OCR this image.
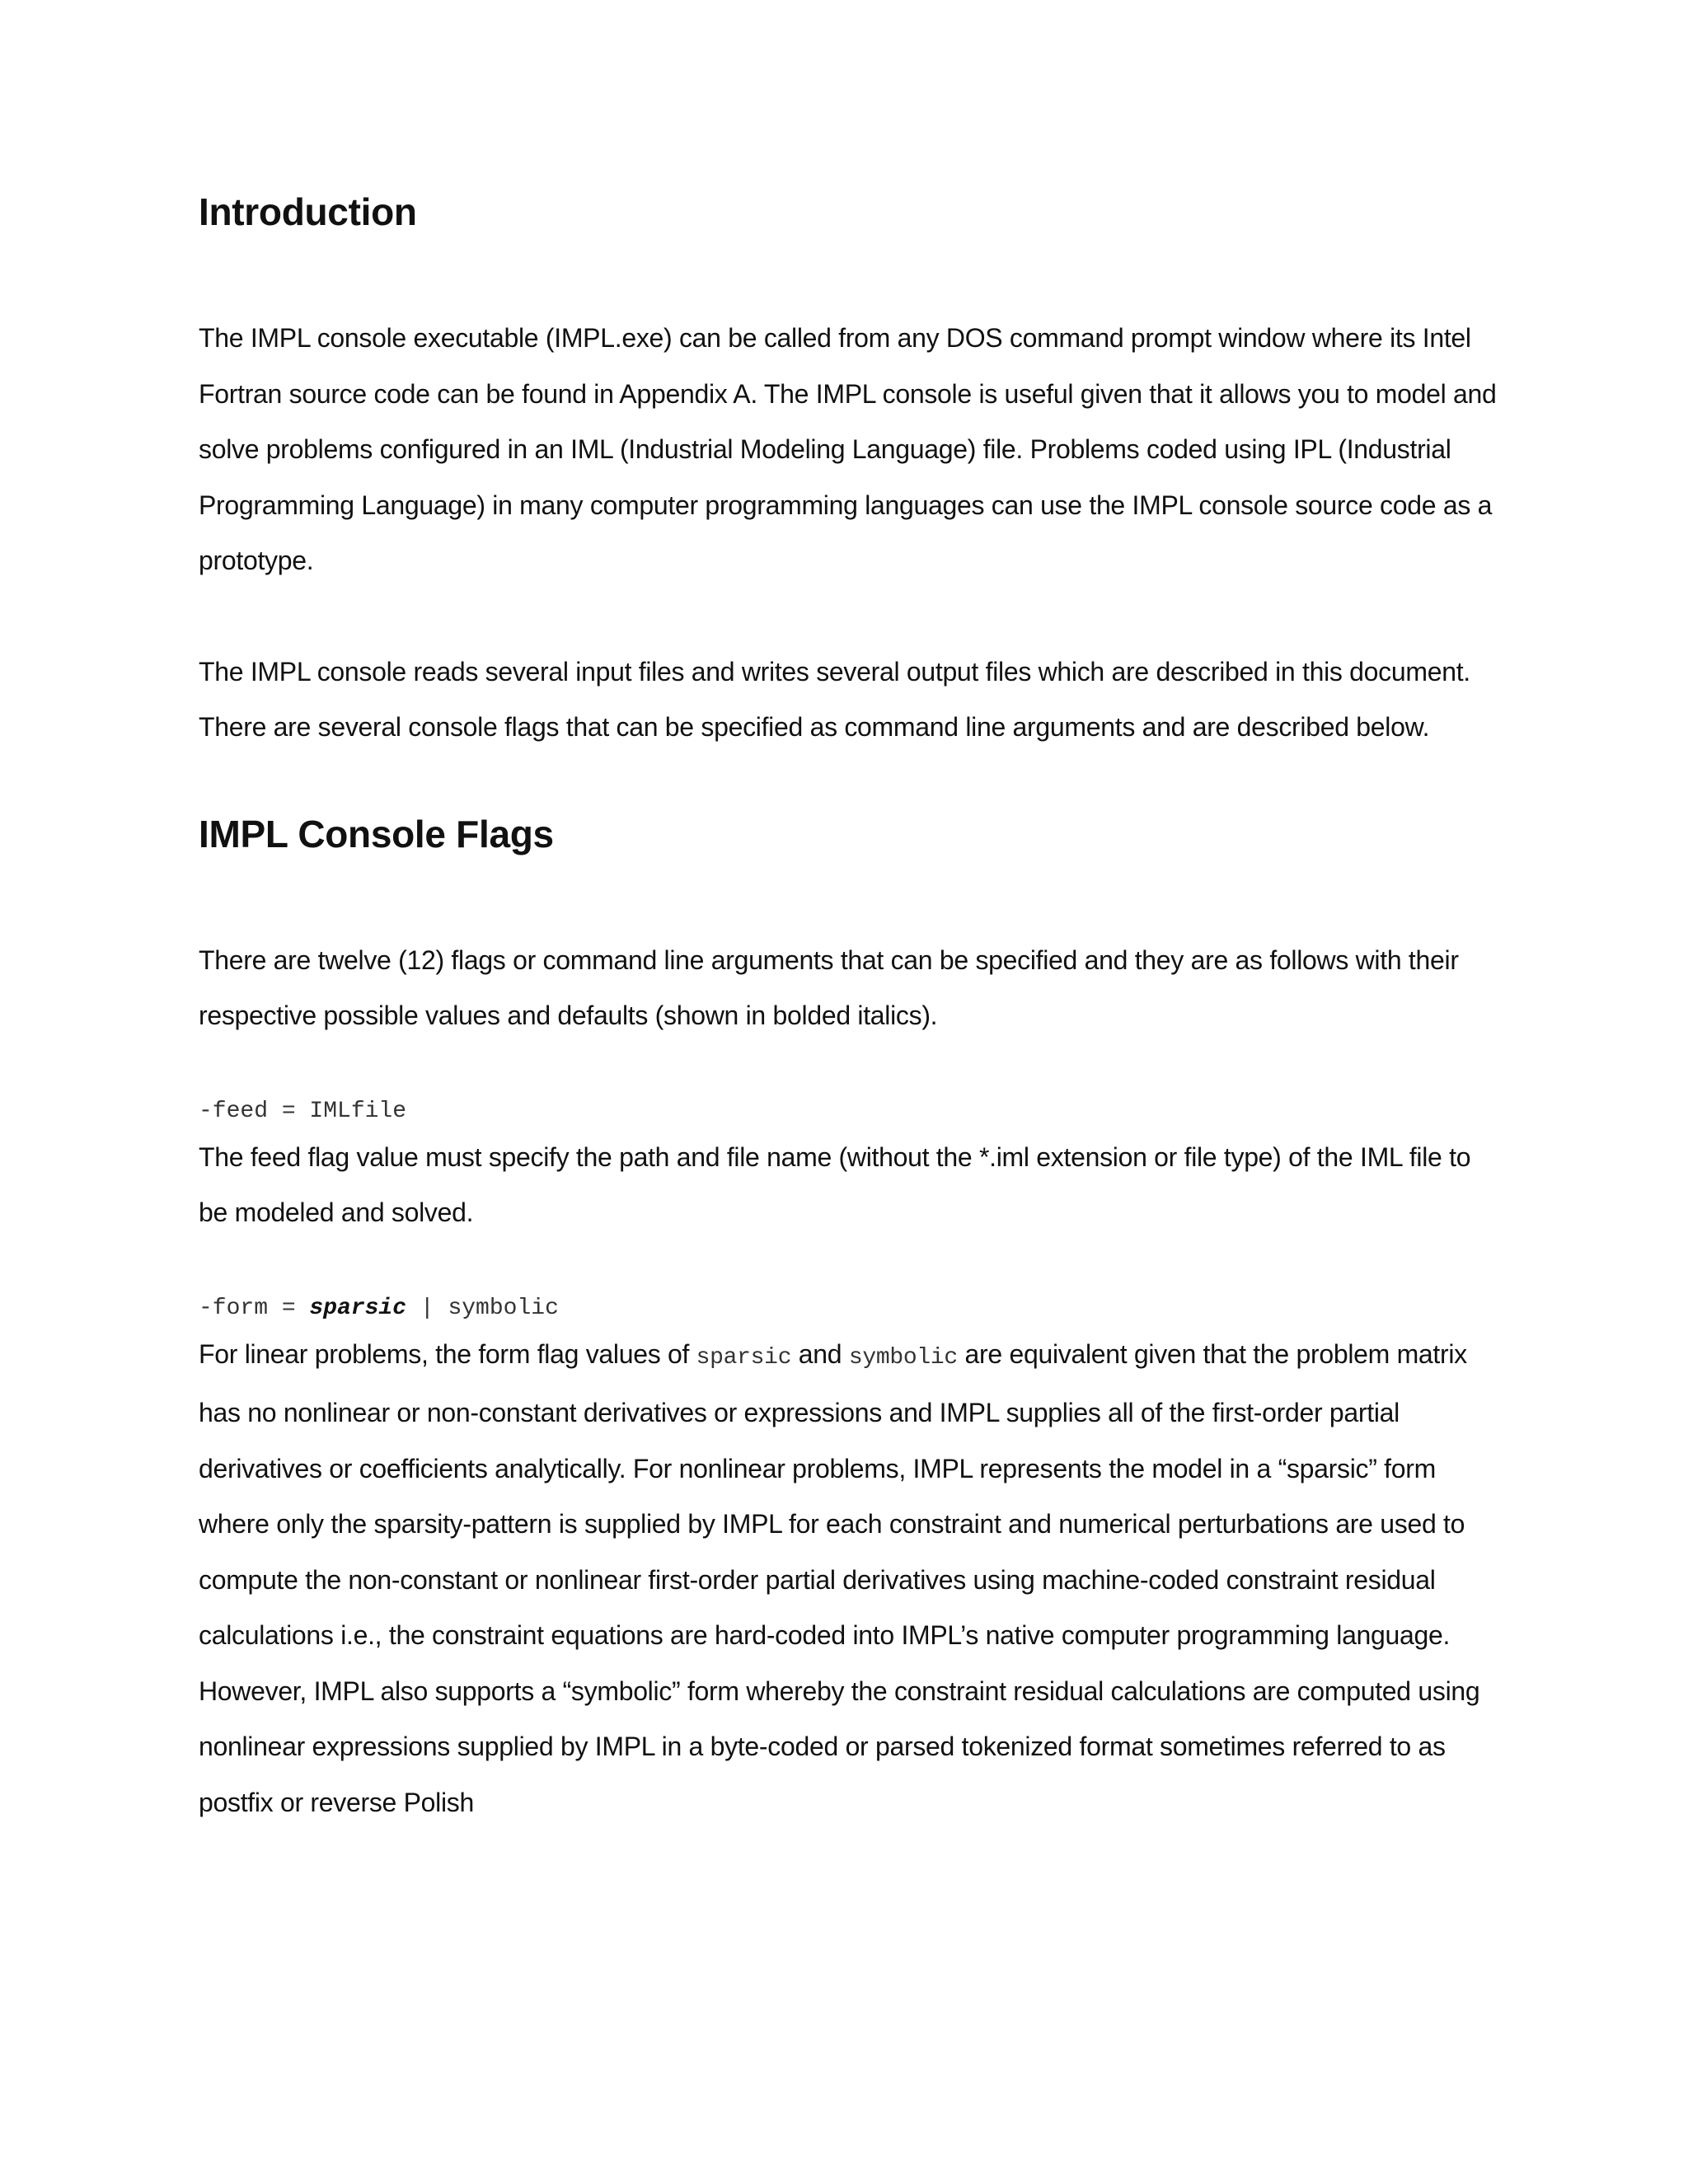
Introduction

The IMPL console executable (IMPL.exe) can be called from any DOS command prompt window where its Intel Fortran source code can be found in Appendix A. The IMPL console is useful given that it allows you to model and solve problems configured in an IML (Industrial Modeling Language) file. Problems coded using IPL (Industrial Programming Language) in many computer programming languages can use the IMPL console source code as a prototype.

The IMPL console reads several input files and writes several output files which are described in this document. There are several console flags that can be specified as command line arguments and are described below.

IMPL Console Flags

There are twelve (12) flags or command line arguments that can be specified and they are as follows with their respective possible values and defaults (shown in bolded italics).

-feed = IMLfile

The feed flag value must specify the path and file name (without the *.iml extension or file type) of the IML file to be modeled and solved.

-form = sparsic | symbolic

For linear problems, the form flag values of sparsic and symbolic are equivalent given that the problem matrix has no nonlinear or non-constant derivatives or expressions and IMPL supplies all of the first-order partial derivatives or coefficients analytically. For nonlinear problems, IMPL represents the model in a “sparsic” form where only the sparsity-pattern is supplied by IMPL for each constraint and numerical perturbations are used to compute the non-constant or nonlinear first-order partial derivatives using machine-coded constraint residual calculations i.e., the constraint equations are hard-coded into IMPL’s native computer programming language. However, IMPL also supports a “symbolic” form whereby the constraint residual calculations are computed using nonlinear expressions supplied by IMPL in a byte-coded or parsed tokenized format sometimes referred to as postfix or reverse Polish
